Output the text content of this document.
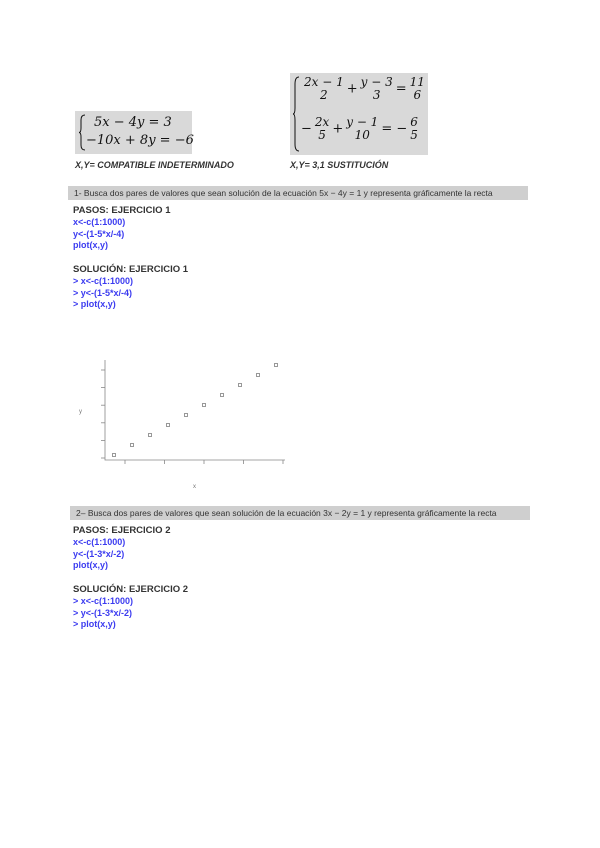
5x − 4y = 3
−10x + 8y = −6
X,Y= COMPATIBLE INDETERMINADO
2x − 1
2	+ y − 3
3	= 11
6
− 2x
5 + y − 1
10 = − 6
5
X,Y= 3,1 SUSTITUCIÓN
1- Busca dos pares de valores que sean solución de la ecuación 5x − 4y = 1 y representa gráficamente la recta
PASOS: EJERCICIO 1
x<-c(1:1000)
y<-(1-5*x/-4)
plot(x,y)
SOLUCIÓN: EJERCICIO 1
> x<-c(1:1000)
> y<-(1-5*x/-4)
> plot(x,y)
y
x
2– Busca dos pares de valores que sean solución de la ecuación 3x − 2y = 1 y representa gráficamente la recta
PASOS: EJERCICIO 2
x<-c(1:1000)
y<-(1-3*x/-2)
plot(x,y)
SOLUCIÓN: EJERCICIO 2
> x<-c(1:1000)
> y<-(1-3*x/-2)
> plot(x,y)
